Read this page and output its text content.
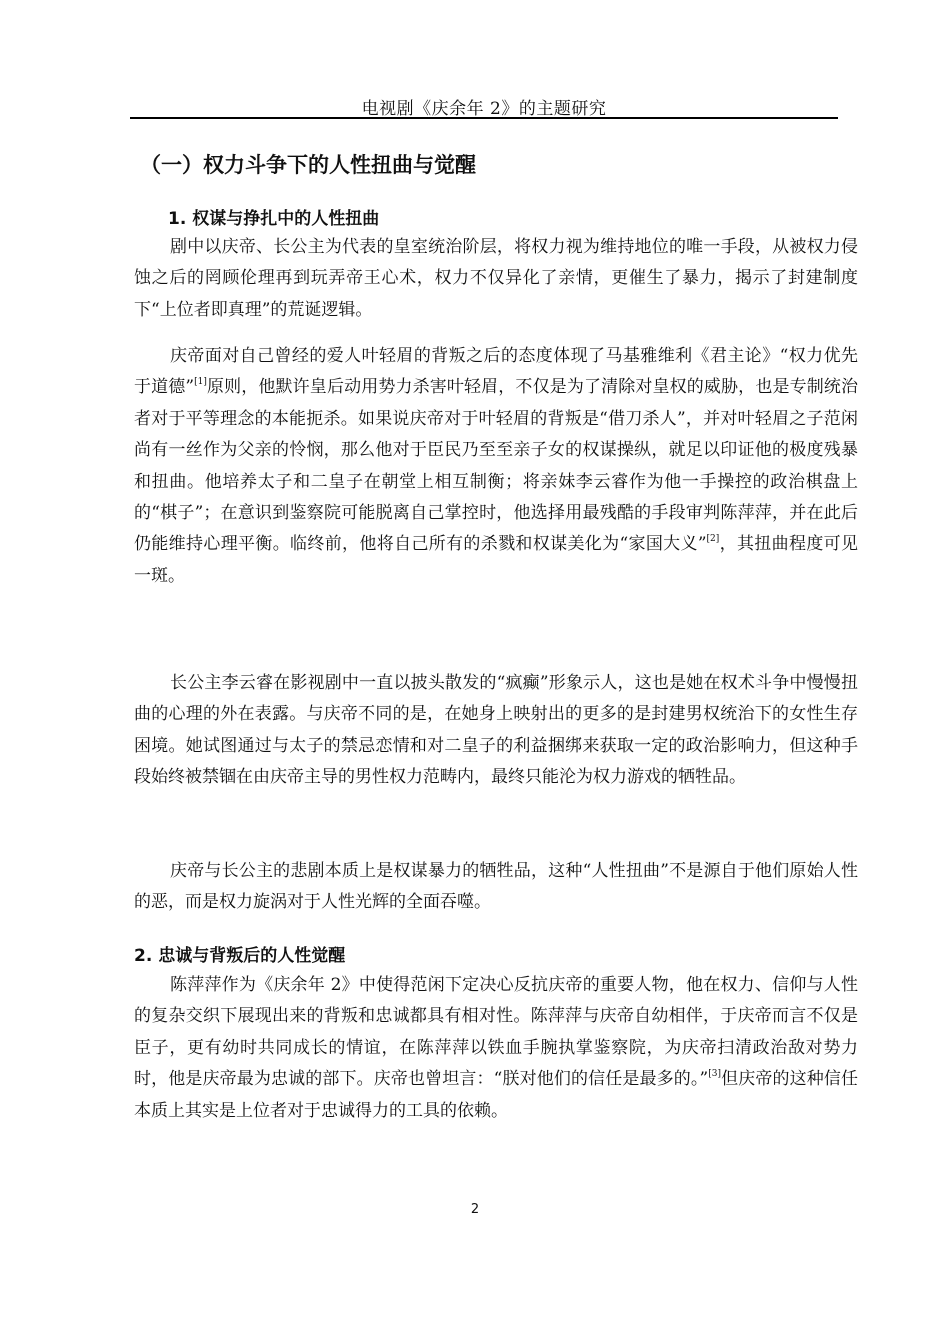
电视剧《庆余年 2》的主题研究
（一）权力斗争下的人性扭曲与觉醒
1. 权谋与挣扎中的人性扭曲

剧中以庆帝、长公主为代表的皇室统治阶层，将权力视为维持地位的唯一手段，从被权力侵蚀之后的罔顾伦理再到玩弄帝王心术，权力不仅异化了亲情，更催生了暴力，揭示了封建制度下“上位者即真理”的荒诞逻辑。

庆帝面对自己曾经的爱人叶轻眉的背叛之后的态度体现了马基雅维利《君主论》“权力优先于道德”[1]原则，他默许皇后动用势力杀害叶轻眉，不仅是为了清除对皇权的威胁，也是专制统治者对于平等理念的本能扼杀。如果说庆帝对于叶轻眉的背叛是“借刀杀人”，并对叶轻眉之子范闲尚有一丝作为父亲的怜悯，那么他对于臣民乃至至亲子女的权谋操纵，就足以印证他的极度残暴和扭曲。他培养太子和二皇子在朝堂上相互制衡；将亲妹李云睿作为他一手操控的政治棋盘上的“棋子”；在意识到鉴察院可能脱离自己掌控时，他选择用最残酷的手段审判陈萍萍，并在此后仍能维持心理平衡。临终前，他将自己所有的杀戮和权谋美化为“家国大义”[2]，其扭曲程度可见一斑。

长公主李云睿在影视剧中一直以披头散发的“疯癫”形象示人，这也是她在权术斗争中慢慢扭曲的心理的外在表露。与庆帝不同的是，在她身上映射出的更多的是封建男权统治下的女性生存困境。她试图通过与太子的禁忌恋情和对二皇子的利益捆绑来获取一定的政治影响力，但这种手段始终被禁锢在由庆帝主导的男性权力范畴内，最终只能沦为权力游戏的牺牲品。

庆帝与长公主的悲剧本质上是权谋暴力的牺牲品，这种“人性扭曲”不是源自于他们原始人性的恶，而是权力旋涡对于人性光辉的全面吞噬。

2. 忠诚与背叛后的人性觉醒

陈萍萍作为《庆余年 2》中使得范闲下定决心反抗庆帝的重要人物，他在权力、信仰与人性的复杂交织下展现出来的背叛和忠诚都具有相对性。陈萍萍与庆帝自幼相伴，于庆帝而言不仅是臣子，更有幼时共同成长的情谊，在陈萍萍以铁血手腕执掌鉴察院，为庆帝扫清政治敌对势力时，他是庆帝最为忠诚的部下。庆帝也曾坦言：“朕对他们的信任是最多的。”[3]但庆帝的这种信任本质上其实是上位者对于忠诚得力的工具的依赖。

2
